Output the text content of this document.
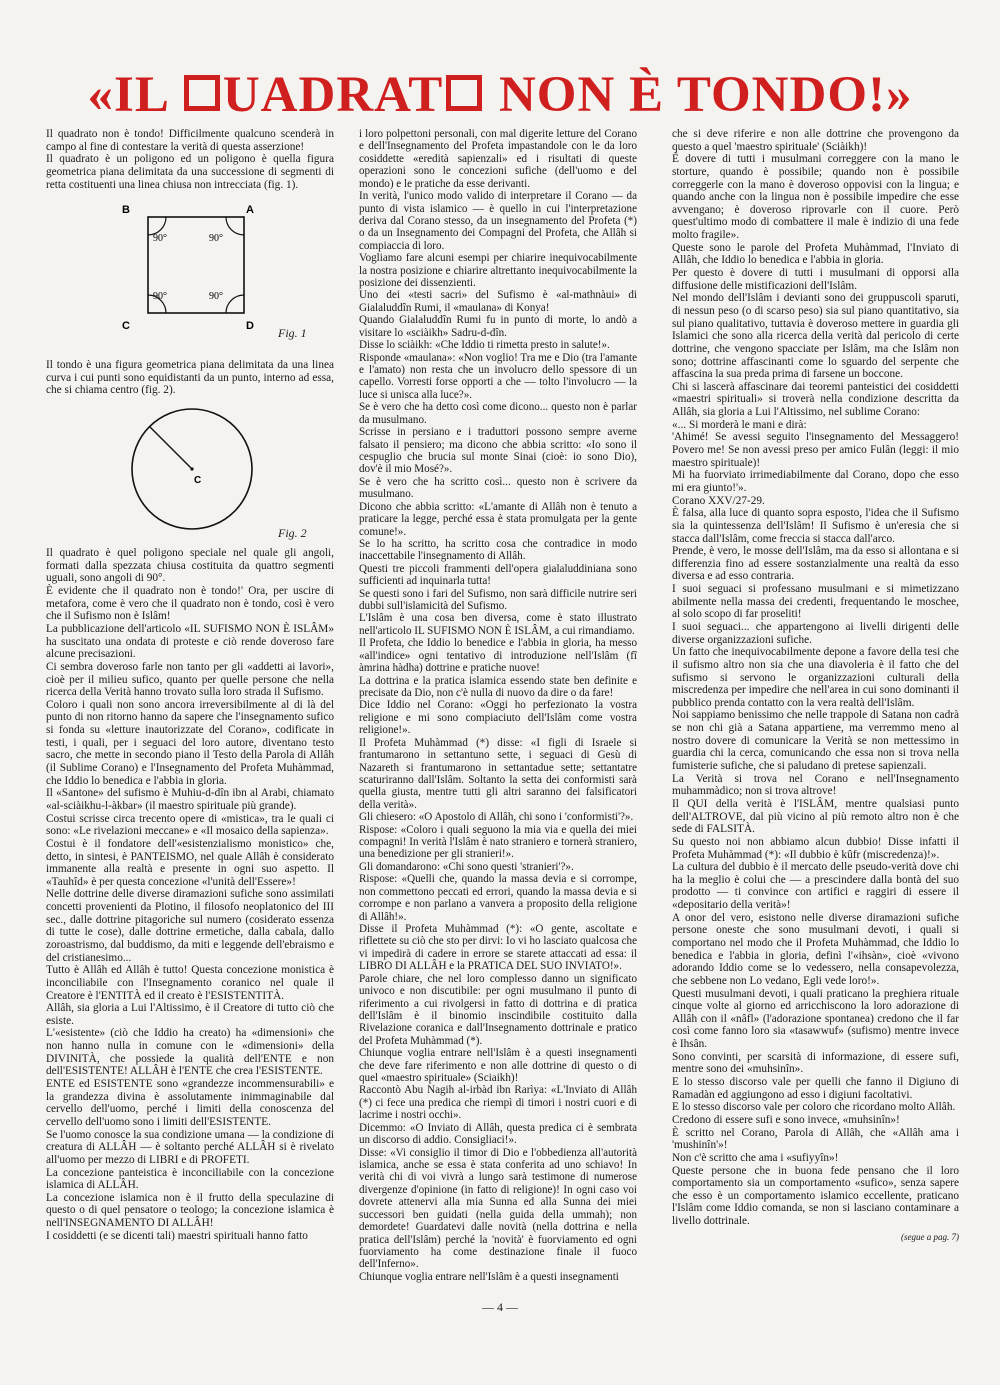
«IL UADRAT NON È TONDO!»

Il quadrato non è tondo! Difficilmente qualcuno scenderà in campo al fine di contestare la verità di questa asserzione!

Il quadrato è un poligono ed un poligono è quella figura geometrica piana delimitata da una successione di segmenti di retta costituenti una linea chiusa non intrecciata (fig. 1).

B	A
C	D
90°	90°
90°	90°
Fig. 1

Il tondo è una figura geometrica piana delimitata da una linea curva i cui punti sono equidistanti da un punto, interno ad essa, che si chiama centro (fig. 2).

C
Fig. 2

Il quadrato è quel poligono speciale nel quale gli angoli, formati dalla spezzata chiusa costituita da quattro segmenti uguali, sono angoli di 90°.

È evidente che il quadrato non è tondo!' Ora, per uscire di metafora, come è vero che il quadrato non è tondo, così è vero che il Sufismo non è Islâm!

La pubblicazione dell'articolo «IL SUFISMO NON È ISLÂM» ha suscitato una ondata di proteste e ciò rende doveroso fare alcune precisazioni.

Ci sembra doveroso farle non tanto per gli «addetti ai lavori», cioè per il milieu sufico, quanto per quelle persone che nella ricerca della Verità hanno trovato sulla loro strada il Sufismo.

Coloro i quali non sono ancora irreversibilmente al di là del punto di non ritorno hanno da sapere che l'insegnamento sufico si fonda su «letture inautorizzate del Corano», codificate in testi, i quali, per i seguaci del loro autore, diventano testo sacro, che mette in secondo piano il Testo della Parola di Allâh (il Sublime Corano) e l'Insegnamento del Profeta Muhàmmad, che Iddio lo benedica e l'abbia in gloria.

Il «Santone» del sufismo è Muhiu-d-dîn ibn al Arabi, chiamato «al-sciàikhu-l-àkbar» (il maestro spirituale più grande).

Costui scrisse circa trecento opere di «mistica», tra le quali ci sono: «Le rivelazioni meccane» e «Il mosaico della sapienza».

Costui è il fondatore dell'«esistenzialismo monistico» che, detto, in sintesi, è PANTEISMO, nel quale Allâh è considerato immanente alla realtà e presente in ogni suo aspetto. Il «Tauhîd» è per questa concezione «l'unità dell'Essere»!

Nelle dottrine delle diverse diramazioni sufiche sono assimilati concetti provenienti da Plotino, il filosofo neoplatonico del III sec., dalle dottrine pitagoriche sul numero (cosiderato essenza di tutte le cose), dalle dottrine ermetiche, dalla cabala, dallo zoroastrismo, dal buddismo, da miti e leggende dell'ebraismo e del cristianesimo...

Tutto è Allâh ed Allâh è tutto! Questa concezione monistica è inconciliabile con l'Insegnamento coranico nel quale il Creatore è l'ENTITÀ ed il creato è l'ESISTENTITÀ.

Allâh, sia gloria a Lui l'Altissimo, è il Creatore di tutto ciò che esiste.

L'«esistente» (ciò che Iddio ha creato) ha «dimensioni» che non hanno nulla in comune con le «dimensioni» della DIVINITÀ, che possiede la qualità dell'ENTE e non dell'ESISTENTE! ALLÂH è l'ENTE che crea l'ESISTENTE.

ENTE ed ESISTENTE sono «grandezze incommensurabili» e la grandezza divina è assolutamente inimmaginabile dal cervello dell'uomo, perché i limiti della conoscenza del cervello dell'uomo sono i limiti dell'ESISTENTE.

Se l'uomo conosce la sua condizione umana — la condizione di creatura di ALLÂH — è soltanto perché ALLÂH si è rivelato all'uomo per mezzo di LIBRI e di PROFETI.

La concezione panteistica è inconciliabile con la concezione islamica di ALLÂH.

La concezione islamica non è il frutto della speculazine di questo o di quel pensatore o teologo; la concezione islamica è nell'INSEGNAMENTO DI ALLÂH!

I cosiddetti (e se dicenti tali) maestri spirituali hanno fatto

i loro polpettoni personali, con mal digerite letture del Corano e dell'Insegnamento del Profeta impastandole con le da loro cosiddette «eredità sapienzali» ed i risultati di queste operazioni sono le concezioni sufiche (dell'uomo e del mondo) e le pratiche da esse derivanti.

In verità, l'unico modo valido di interpretare il Corano — da punto di vista islamico — è quello in cui l'interpretazione deriva dal Corano stesso, da un insegnamento del Profeta (*) o da un Insegnamento dei Compagni del Profeta, che Allâh si compiaccia di loro.

Vogliamo fare alcuni esempi per chiarire inequivocabilmente la nostra posizione e chiarire altrettanto inequivocabilmente la posizione dei dissenzienti.

Uno dei «testi sacri» del Sufismo è «al-mathnàui» di Gialaluddîn Rumi, il «maulana» di Konya!

Quando Gialaluddîn Rumi fu in punto di morte, lo andò a visitare lo «sciàikh» Sadru-d-dîn.

Disse lo sciàikh: «Che Iddio ti rimetta presto in salute!».

Risponde «maulana»: «Non voglio! Tra me e Dio (tra l'amante e l'amato) non resta che un involucro dello spessore di un capello. Vorresti forse opporti a che — tolto l'involucro — la luce si unisca alla luce?».

Se è vero che ha detto così come dicono... questo non è parlar da musulmano.

Scrisse in persiano e i traduttori possono sempre averne falsato il pensiero; ma dicono che abbia scritto: «Io sono il cespuglio che brucia sul monte Sinai (cioè: io sono Dio), dov'è il mio Mosé?».

Se è vero che ha scritto così... questo non è scrivere da musulmano.

Dicono che abbia scritto: «L'amante di Allâh non è tenuto a praticare la legge, perché essa è stata promulgata per la gente comune!».

Se lo ha scritto, ha scritto cosa che contradice in modo inaccettabile l'insegnamento di Allâh.

Questi tre piccoli frammenti dell'opera gialaluddiniana sono sufficienti ad inquinarla tutta!

Se questi sono i fari del Sufismo, non sarà difficile nutrire seri dubbi sull'islamicità del Sufismo.

L'Islâm è una cosa ben diversa, come è stato illustrato nell'articolo IL SUFISMO NON È ISLÂM, a cui rimandiamo.

Il Profeta, che Iddio lo benedice e l'abbia in gloria, ha messo «all'indice» ogni tentativo di introduzione nell'Islâm (fî àmrina hàdha) dottrine e pratiche nuove!

La dottrina e la pratica islamica essendo state ben definite e precisate da Dio, non c'è nulla di nuovo da dire o da fare!

Dice Iddio nel Corano: «Oggi ho perfezionato la vostra religione e mi sono compiaciuto dell'Islâm come vostra religione!».

Il Profeta Muhàmmad (*) disse: «I figli di Israele si frantumarono in settantuno sette, i seguaci di Gesù di Nazareth si frantumarono in settantadue sette; settantatre scaturiranno dall'Islâm. Soltanto la setta dei conformisti sarà quella giusta, mentre tutti gli altri saranno dei falsificatori della verità».

Gli chiesero: «O Apostolo di Allâh, chi sono i 'conformisti'?».

Rispose: «Coloro i quali seguono la mia via e quella dei miei compagni! In verità l'Islâm è nato straniero e tornerà straniero, una benedizione per gli stranieri!».

Gli domandarono: «Chi sono questi 'stranieri'?».

Rispose: «Quelli che, quando la massa devia e si corrompe, non commettono peccati ed errori, quando la massa devia e si corrompe e non parlano a vanvera a proposito della religione di Allâh!».

Disse il Profeta Muhàmmad (*): «O gente, ascoltate e riflettete su ciò che sto per dirvi: Io vi ho lasciato qualcosa che vi impedirà di cadere in errore se starete attaccati ad essa: il LIBRO DI ALLÂH e la PRATICA DEL SUO INVIATO!».

Parole chiare, che nel loro complesso danno un significato univoco e non discutibile: per ogni musulmano il punto di riferimento a cui rivolgersi in fatto di dottrina e di pratica dell'Islâm è il binomio inscindibile costituito dalla Rivelazione coranica e dall'Insegnamento dottrinale e pratico del Profeta Muhàmmad (*).

Chiunque voglia entrare nell'Islâm è a questi insegnamenti che deve fare riferimento e non alle dottrine di questo o di quel «maestro spirituale» (Sciaikh)!

Raccontò Abu Nagih al-irbàd ibn Rarìya: «L'Inviato di Allâh (*) ci fece una predica che riempì di timori i nostri cuori e di lacrime i nostri occhi».

Dicemmo: «O Inviato di Allâh, questa predica ci è sembrata un discorso di addio. Consigliaci!».

Disse: «Vi consiglio il timor di Dio e l'obbedienza all'autorità islamica, anche se essa è stata conferita ad uno schiavo! In verità chi di voi vivrà a lungo sarà testimone di numerose divergenze d'opinione (in fatto di religione)! In ogni caso voi dovrete attenervi alla mia Sunna ed alla Sunna dei miei successori ben guidati (nella guida della ummah); non demordete! Guardatevi dalle novità (nella dottrina e nella pratica dell'Islâm) perché la 'novità' è fuorviamento ed ogni fuorviamento ha come destinazione finale il fuoco dell'Inferno».

Chiunque voglia entrare nell'Islâm è a questi insegnamenti

che si deve riferire e non alle dottrine che provengono da questo a quel 'maestro spirituale' (Sciàikh)!

È dovere di tutti i musulmani correggere con la mano le storture, quando è possibile; quando non è possibile correggerle con la mano è doveroso oppovisi con la lingua; e quando anche con la lingua non è possibile impedire che esse avvengano; è doveroso riprovarle con il cuore. Però quest'ultimo modo di combattere il male è indizio di una fede molto fragile».

Queste sono le parole del Profeta Muhàmmad, l'Inviato di Allâh, che Iddio lo benedica e l'abbia in gloria.

Per questo è dovere di tutti i musulmani di opporsi alla diffusione delle mistificazioni dell'Islâm.

Nel mondo dell'Islâm i devianti sono dei gruppuscoli sparuti, di nessun peso (o di scarso peso) sia sul piano quantitativo, sia sul piano qualitativo, tuttavia è doveroso mettere in guardia gli Islamici che sono alla ricerca della verità dal pericolo di certe dottrine, che vengono spacciate per Islâm, ma che Islâm non sono; dottrine affascinanti come lo sguardo del serpente che affascina la sua preda prima di farsene un boccone.

Chi si lascerà affascinare dai teoremi panteistici dei cosiddetti «maestri spirituali» si troverà nella condizione descritta da Allâh, sia gloria a Lui l'Altissimo, nel sublime Corano:

«... Si morderà le mani e dirà:

'Ahimé! Se avessi seguito l'insegnamento del Messaggero! Povero me! Se non avessi preso per amico Fulân (leggi: il mio maestro spirituale)!

Mi ha fuorviato irrimediabilmente dal Corano, dopo che esso mi era giunto!'».

Corano XXV/27-29.

È falsa, alla luce di quanto sopra esposto, l'idea che il Sufismo sia la quintessenza dell'Islâm! Il Sufismo è un'eresia che si stacca dall'Islâm, come freccia si stacca dall'arco.

Prende, è vero, le mosse dell'Islâm, ma da esso si allontana e si differenzia fino ad essere sostanzialmente una realtà da esso diversa e ad esso contraria.

I suoi seguaci si professano musulmani e si mimetizzano abilmente nella massa dei credenti, frequentando le moschee, al solo scopo di far proseliti!

I suoi seguaci... che appartengono ai livelli dirigenti delle diverse organizzazioni sufiche.

Un fatto che inequivocabilmente depone a favore della tesi che il sufismo altro non sia che una diavoleria è il fatto che del sufismo si servono le organizzazioni culturali della miscredenza per impedire che nell'area in cui sono dominanti il pubblico prenda contatto con la vera realtà dell'Islâm.

Noi sappiamo benissimo che nelle trappole di Satana non cadrà se non chi già a Satana appartiene, ma verremmo meno al nostro dovere di comunicare la Verità se non mettessimo in guardia chi la cerca, comunicando che essa non si trova nella fumisterie sufiche, che si paludano di pretese sapienzali.

La Verità si trova nel Corano e nell'Insegnamento muhammàdico; non si trova altrove!

Il QUI della verità è l'ISLÂM, mentre qualsiasi punto dell'ALTROVE, dal più vicino al più remoto altro non è che sede di FALSITÀ.

Su questo noi non abbiamo alcun dubbio! Disse infatti il Profeta Muhàmmad (*): «Il dubbio è kûfr (miscredenza)!».

La cultura del dubbio è il mercato delle pseudo-verità dove chi ha la meglio è colui che — a prescindere dalla bontà del suo prodotto — ti convince con artifici e raggiri di essere il «depositario della verità»!

A onor del vero, esistono nelle diverse diramazioni sufiche persone oneste che sono musulmani devoti, i quali si comportano nel modo che il Profeta Muhàmmad, che Iddio lo benedica e l'abbia in gloria, definì l'«ihsàn», cioè «vivono adorando Iddio come se lo vedessero, nella consapevolezza, che sebbene non Lo vedano, Egli vede loro!».

Questi musulmani devoti, i quali praticano la preghiera rituale cinque volte al giorno ed arricchiscono la loro adorazione di Allâh con il «nâfl» (l'adorazione spontanea) credono che il far così come fanno loro sia «tasawwuf» (sufismo) mentre invece è Ihsân.

Sono convinti, per scarsità di informazione, di essere sufi, mentre sono dei «muhsinîn».

E lo stesso discorso vale per quelli che fanno il Digiuno di Ramadàn ed aggiungono ad esso i digiuni facoltativi.

E lo stesso discorso vale per coloro che ricordano molto Allâh.

Credono di essere sufi e sono invece, «muhsinîn»!

È scritto nel Corano, Parola di Allâh, che «Allâh ama i 'mushinîn'»!

Non c'è scritto che ama i «sufiyyîn»!

Queste persone che in buona fede pensano che il loro comportamento sia un comportamento «sufico», senza sapere che esso è un comportamento islamico eccellente, praticano l'Islâm come Iddio comanda, se non si lasciano contaminare a livello dottrinale.

(segue a pag. 7)

— 4 —
